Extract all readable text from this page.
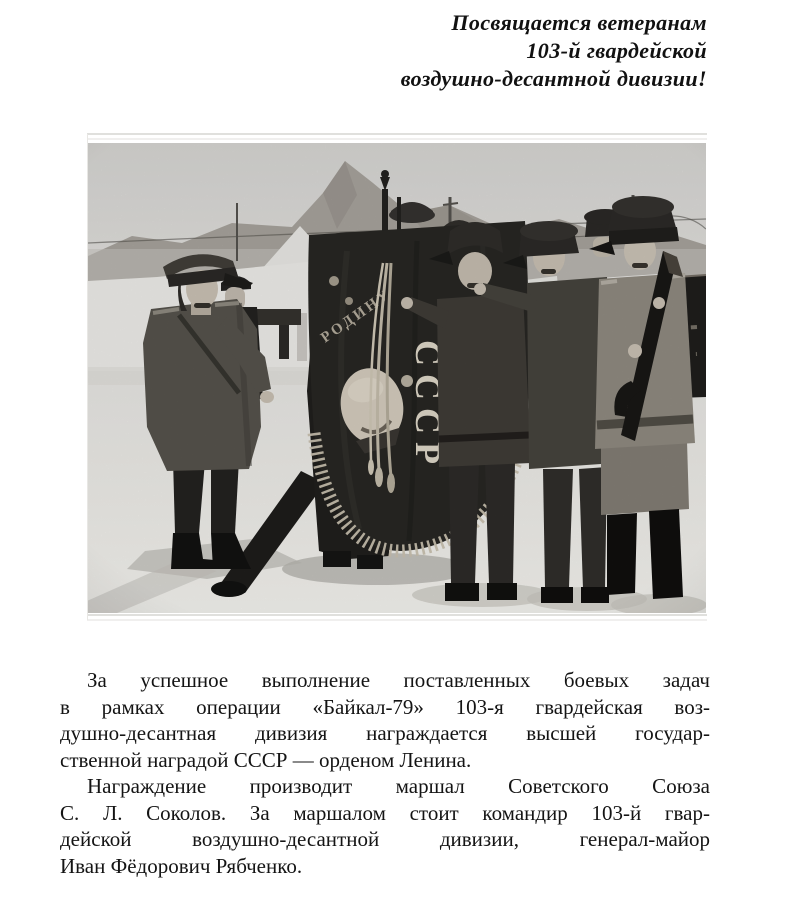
Посвящается ветеранам
103-й гвардейской
воздушно-десантной дивизии!
За успешное выполнение поставленных боевых задач
в рамках операции «Байкал-79» 103-я гвардейская воз-
душно-десантная дивизия награждается высшей государ-
ственной наградой СССР — орденом Ленина.
Награждение производит маршал Советского Союза
С. Л. Соколов. За маршалом стоит командир 103-й гвар-
дейской воздушно-десантной дивизии, генерал-майор
Иван Фёдорович Рябченко.
